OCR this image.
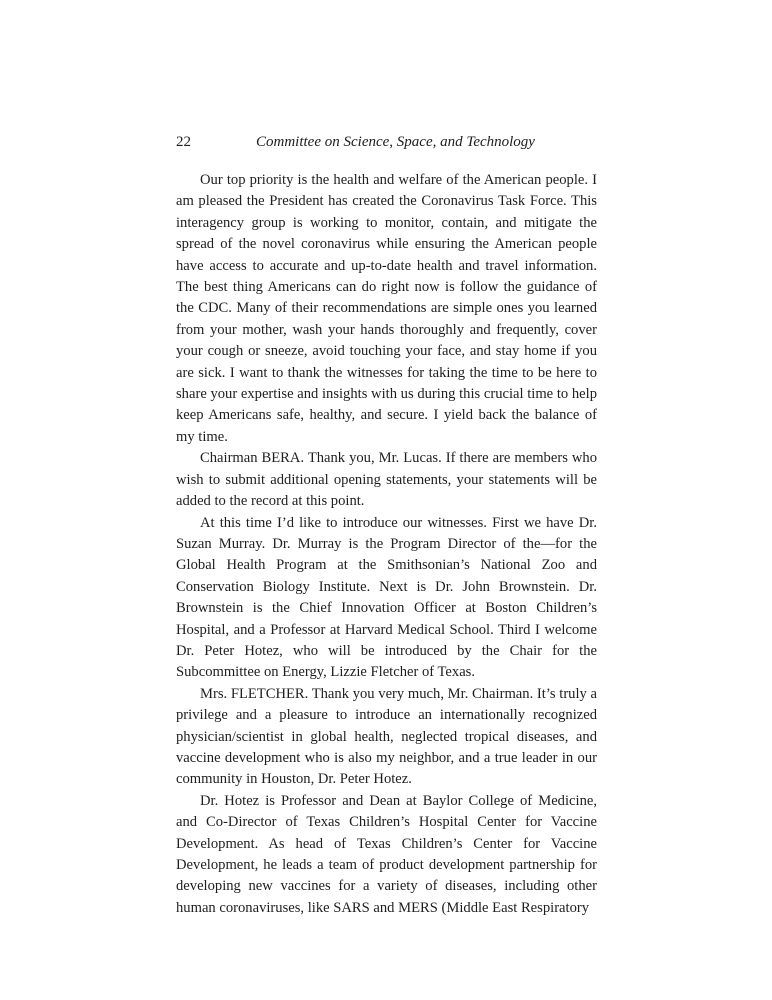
22	Committee on Science, Space, and Technology

Our top priority is the health and welfare of the American people. I am pleased the President has created the Coronavirus Task Force. This interagency group is working to monitor, contain, and mitigate the spread of the novel coronavirus while ensuring the American people have access to accurate and up-to-date health and travel information. The best thing Americans can do right now is follow the guidance of the CDC. Many of their recommendations are simple ones you learned from your mother, wash your hands thoroughly and frequently, cover your cough or sneeze, avoid touching your face, and stay home if you are sick. I want to thank the witnesses for taking the time to be here to share your expertise and insights with us during this crucial time to help keep Americans safe, healthy, and secure. I yield back the balance of my time.

Chairman BERA. Thank you, Mr. Lucas. If there are members who wish to submit additional opening statements, your statements will be added to the record at this point.

At this time I’d like to introduce our witnesses. First we have Dr. Suzan Murray. Dr. Murray is the Program Director of the—for the Global Health Program at the Smithsonian’s National Zoo and Conservation Biology Institute. Next is Dr. John Brownstein. Dr. Brownstein is the Chief Innovation Officer at Boston Children’s Hospital, and a Professor at Harvard Medical School. Third I welcome Dr. Peter Hotez, who will be introduced by the Chair for the Subcommittee on Energy, Lizzie Fletcher of Texas.

Mrs. FLETCHER. Thank you very much, Mr. Chairman. It’s truly a privilege and a pleasure to introduce an internationally recognized physician/scientist in global health, neglected tropical diseases, and vaccine development who is also my neighbor, and a true leader in our community in Houston, Dr. Peter Hotez.

Dr. Hotez is Professor and Dean at Baylor College of Medicine, and Co-Director of Texas Children’s Hospital Center for Vaccine Development. As head of Texas Children’s Center for Vaccine Development, he leads a team of product development partnership for developing new vaccines for a variety of diseases, including other human coronaviruses, like SARS and MERS (Middle East Respiratory
